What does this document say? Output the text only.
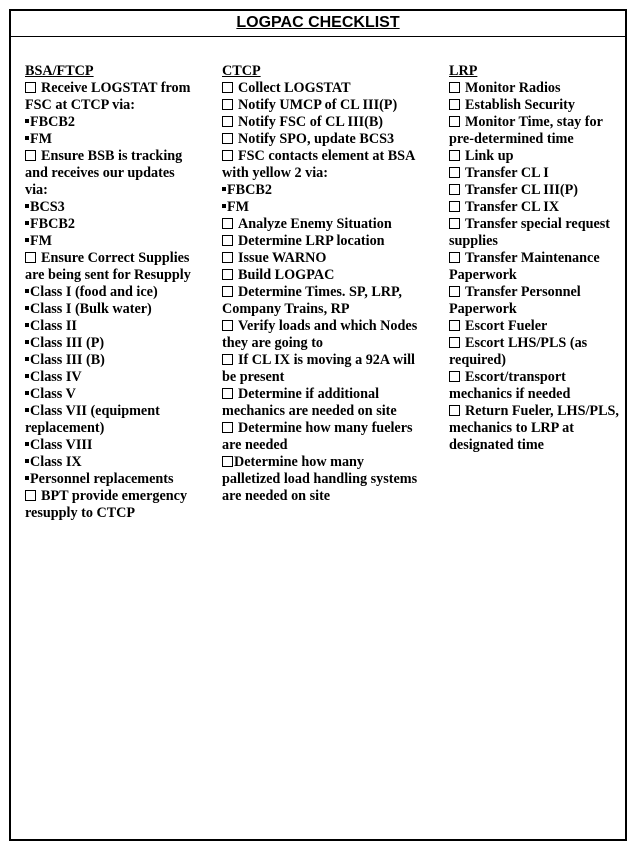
LOGPAC CHECKLIST
BSA/FTCP
Receive LOGSTAT from FSC at CTCP via:
FBCB2
FM
Ensure BSB is tracking and receives our updates via:
BCS3
FBCB2
FM
Ensure Correct Supplies are being sent for Resupply
Class I (food and ice)
Class I (Bulk water)
Class II
Class III (P)
Class III (B)
Class IV
Class V
Class VII (equipment replacement)
Class VIII
Class IX
Personnel replacements
BPT provide emergency resupply to CTCP
CTCP
Collect LOGSTAT
Notify UMCP of CL III(P)
Notify FSC of CL III(B)
Notify SPO, update BCS3
FSC contacts element at BSA with yellow 2 via:
FBCB2
FM
Analyze Enemy Situation
Determine LRP location
Issue WARNO
Build LOGPAC
Determine Times. SP, LRP, Company Trains, RP
Verify loads and which Nodes they are going to
If CL IX is moving a 92A will be present
Determine if additional mechanics are needed on site
Determine how many fuelers are needed
Determine how many palletized load handling systems are needed on site
LRP
Monitor Radios
Establish Security
Monitor Time, stay for pre-determined time
Link up
Transfer CL I
Transfer CL III(P)
Transfer CL IX
Transfer special request supplies
Transfer Maintenance Paperwork
Transfer Personnel Paperwork
Escort Fueler
Escort LHS/PLS (as required)
Escort/transport mechanics if needed
Return Fueler, LHS/PLS, mechanics to LRP at designated time
